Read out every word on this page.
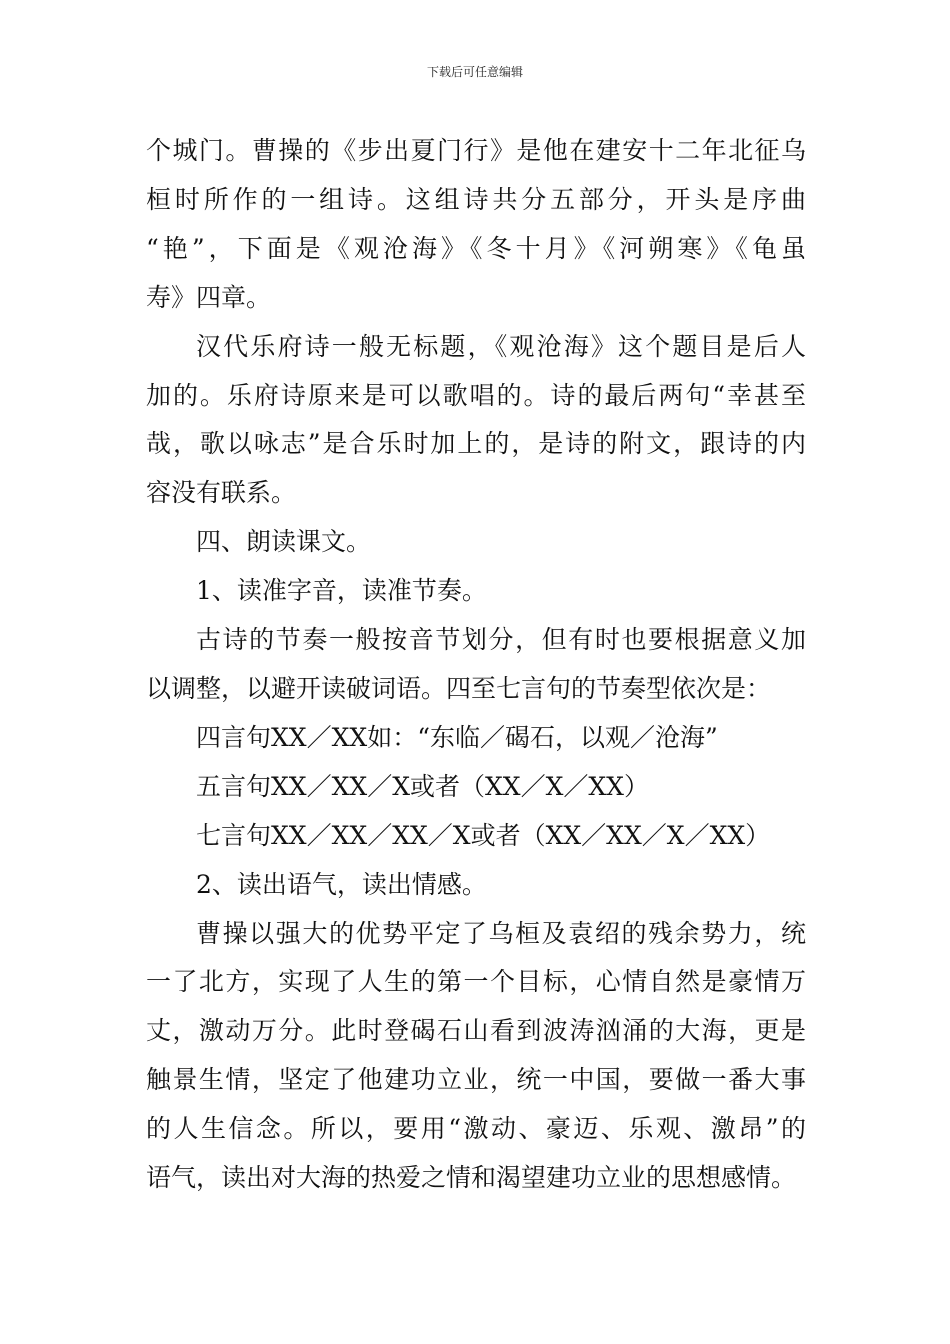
下载后可任意编辑
个城门。曹操的《步出夏门行》是他在建安十二年北征乌
桓时所作的一组诗。这组诗共分五部分，开头是序曲
“艳”，下面是《观沧海》《冬十月》《河朔寒》《龟虽
寿》四章。
汉代乐府诗一般无标题，《观沧海》这个题目是后人
加的。乐府诗原来是可以歌唱的。诗的最后两句“幸甚至
哉，歌以咏志”是合乐时加上的，是诗的附文，跟诗的内
容没有联系。
四、朗读课文。
1、读准字音，读准节奏。
古诗的节奏一般按音节划分，但有时也要根据意义加
以调整，以避开读破词语。四至七言句的节奏型依次是：
四言句XX／XX如：“东临／碣石，以观／沧海”
五言句XX／XX／X或者（XX／X／XX）
七言句XX／XX／XX／X或者（XX／XX／X／XX）
2、读出语气，读出情感。
曹操以强大的优势平定了乌桓及袁绍的残余势力，统
一了北方，实现了人生的第一个目标，心情自然是豪情万
丈，激动万分。此时登碣石山看到波涛汹涌的大海，更是
触景生情，坚定了他建功立业，统一中国，要做一番大事
的人生信念。所以，要用“激动、豪迈、乐观、激昂”的
语气，读出对大海的热爱之情和渴望建功立业的思想感情。
